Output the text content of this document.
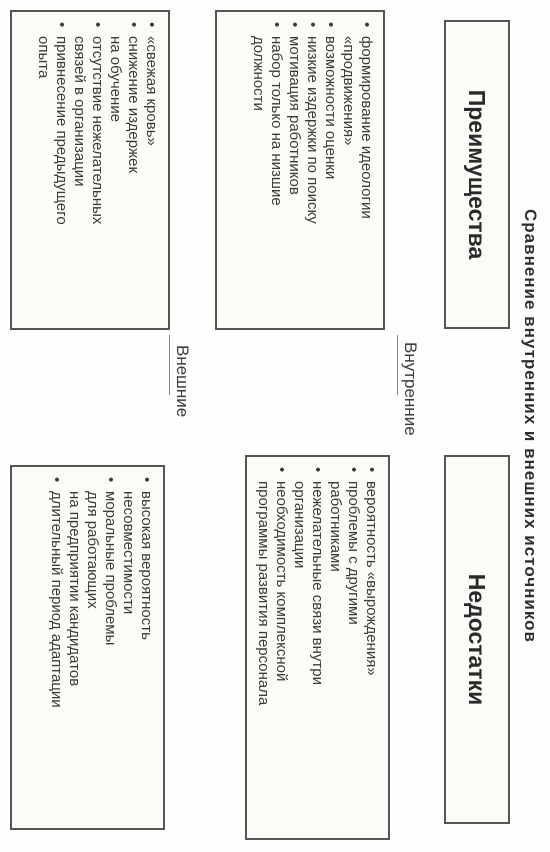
Сравнение внутренних и внешних источников
Преимущества
Недостатки
Внутренние
Внешние
• формирование идеологии
«продвижения»
• возможности оценки
• низкие издержки по поиску
• мотивация работников
• набор только на низшие
должности
• вероятность «вырождения»
• проблемы с другими
работниками
• нежелательные связи внутри
организации
• необходимость комплексной
программы развития персонала
• «свежая кровь»
• снижение издержек
на обучение
• отсутствие нежелательных
связей в организации
• привнесение предыдущего
опыта
• высокая вероятность
несовместимости
• моральные проблемы
для работающих
на предприятии кандидатов
• длительный период адаптации
